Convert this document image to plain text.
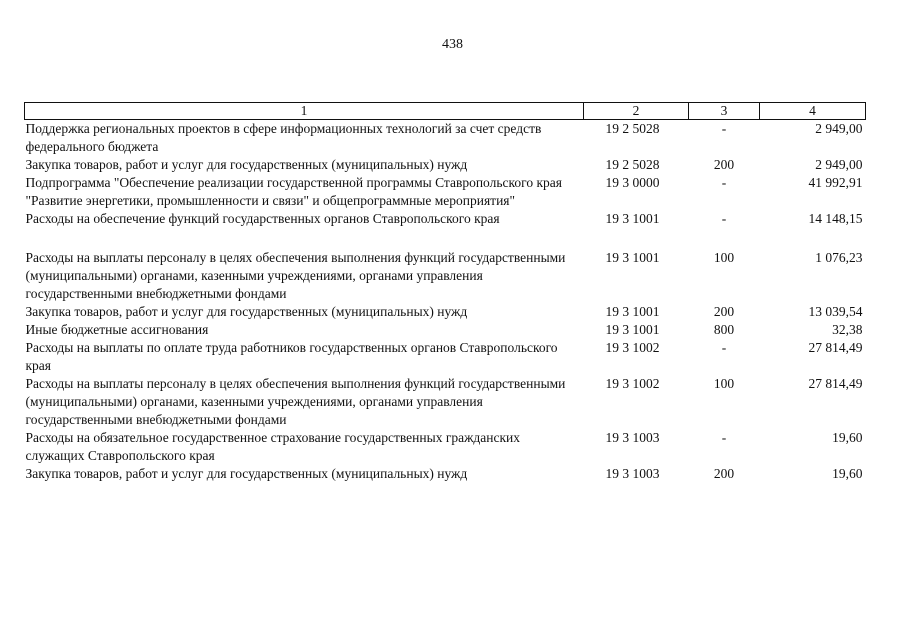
438
1	2	3	4
Поддержка региональных проектов в сфере информационных технологий за счет средств федерального бюджета	19 2 5028	-	2 949,00
Закупка товаров, работ и услуг для государственных (муниципальных) нужд	19 2 5028	200	2 949,00
Подпрограмма "Обеспечение реализации государственной программы Ставропольского края "Развитие энергетики, промышленности и связи" и общепрограммные мероприятия"	19 3 0000	-	41 992,91
Расходы на обеспечение функций государственных органов Ставропольского края	19 3 1001	-	14 148,15
Расходы на выплаты персоналу в целях обеспечения выполнения функций государственными (муниципальными) органами, казенными учреждениями, органами управления государственными внебюджетными фондами	19 3 1001	100	1 076,23
Закупка товаров, работ и услуг для государственных (муниципальных) нужд	19 3 1001	200	13 039,54
Иные бюджетные ассигнования	19 3 1001	800	32,38
Расходы на выплаты по оплате труда работников государственных органов Ставропольского края	19 3 1002	-	27 814,49
Расходы на выплаты персоналу в целях обеспечения выполнения функций государственными (муниципальными) органами, казенными учреждениями, органами управления государственными внебюджетными фондами	19 3 1002	100	27 814,49
Расходы на обязательное государственное страхование государственных гражданских служащих Ставропольского края	19 3 1003	-	19,60
Закупка товаров, работ и услуг для государственных (муниципальных) нужд	19 3 1003	200	19,60
